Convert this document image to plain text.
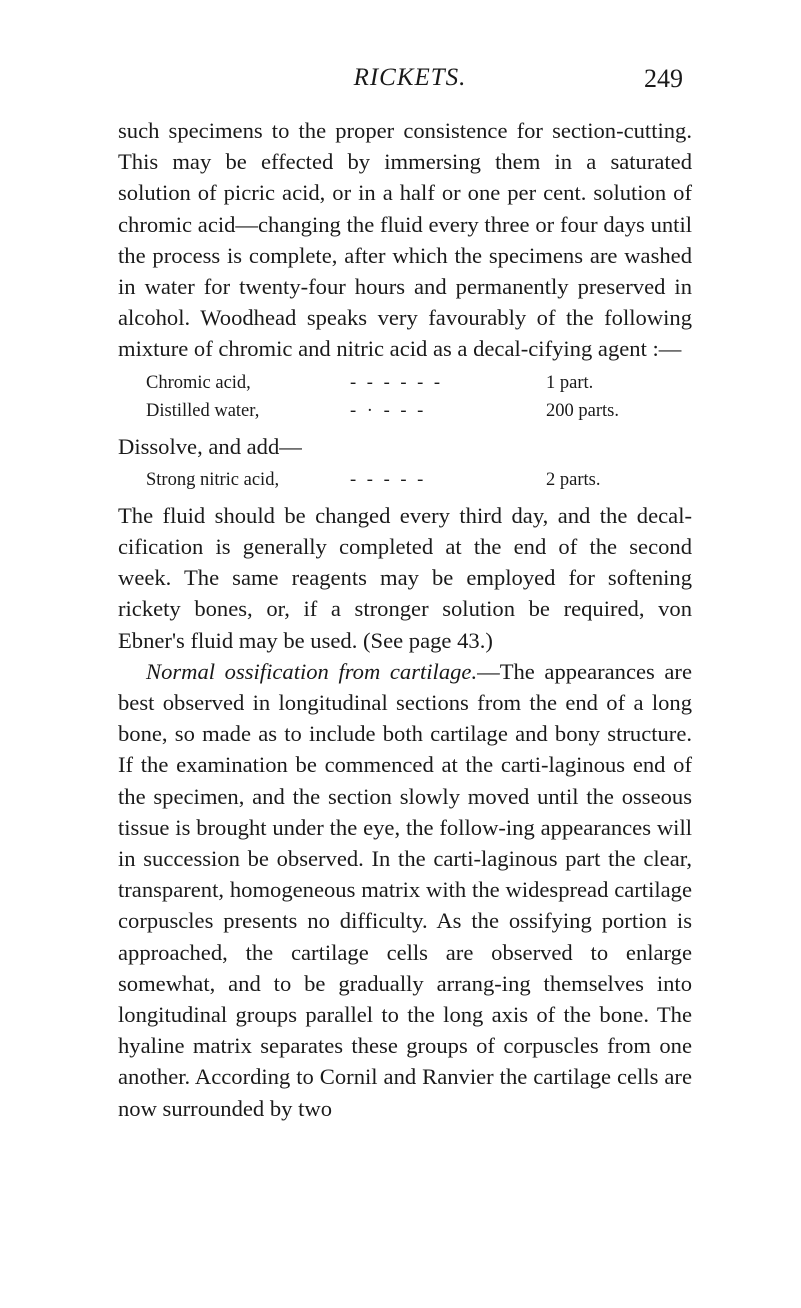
RICKETS.	249

such specimens to the proper consistence for section-cutting. This may be effected by immersing them in a saturated solution of picric acid, or in a half or one per cent. solution of chromic acid—changing the fluid every three or four days until the process is complete, after which the specimens are washed in water for twenty-four hours and permanently preserved in alcohol. Woodhead speaks very favourably of the following mixture of chromic and nitric acid as a decal-cifying agent :—

Chromic acid,	- - - - - -	1 part.
Distilled water,	- · - - -	200 parts.

Dissolve, and add—

Strong nitric acid,	- - - - -	2 parts.

The fluid should be changed every third day, and the decal-cification is generally completed at the end of the second week. The same reagents may be employed for softening rickety bones, or, if a stronger solution be required, von Ebner's fluid may be used. (See page 43.)

Normal ossification from cartilage.—The appearances are best observed in longitudinal sections from the end of a long bone, so made as to include both cartilage and bony structure. If the examination be commenced at the carti-laginous end of the specimen, and the section slowly moved until the osseous tissue is brought under the eye, the follow-ing appearances will in succession be observed. In the carti-laginous part the clear, transparent, homogeneous matrix with the widespread cartilage corpuscles presents no difficulty. As the ossifying portion is approached, the cartilage cells are observed to enlarge somewhat, and to be gradually arrang-ing themselves into longitudinal groups parallel to the long axis of the bone. The hyaline matrix separates these groups of corpuscles from one another. According to Cornil and Ranvier the cartilage cells are now surrounded by two
